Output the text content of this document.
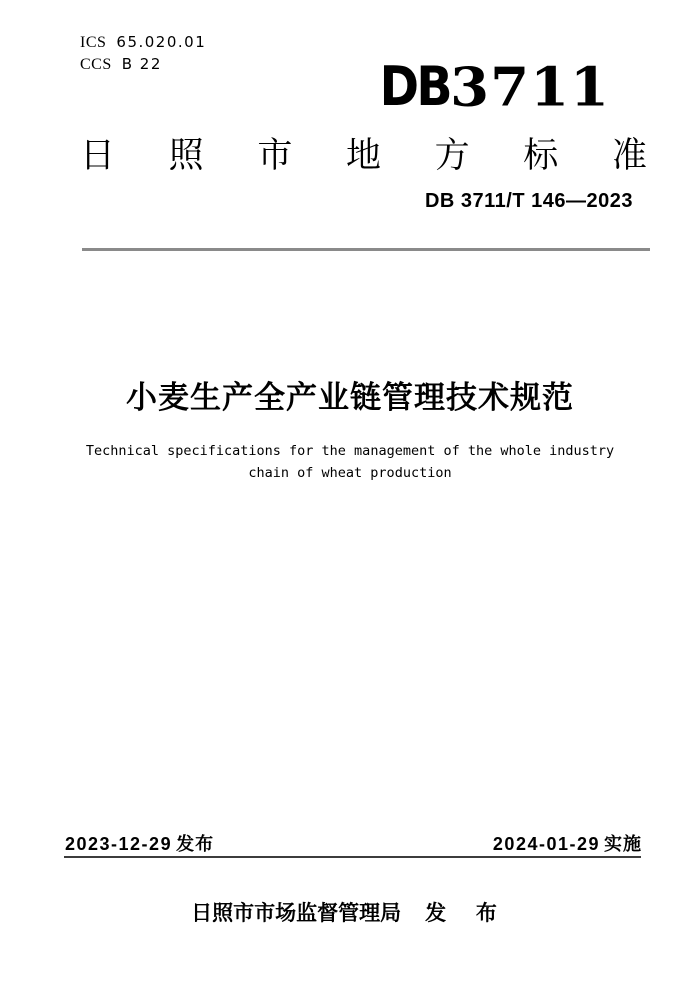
ICS 65.020.01
CCS B 22	DB3711
日 照 市 地 方 标 准
DB 3711/T 146—2023
小麦生产全产业链管理技术规范
Technical specifications for the management of the whole industry
chain of wheat production
2023-12-29 发布	2024-01-29 实施
日照市市场监督管理局 发 布
